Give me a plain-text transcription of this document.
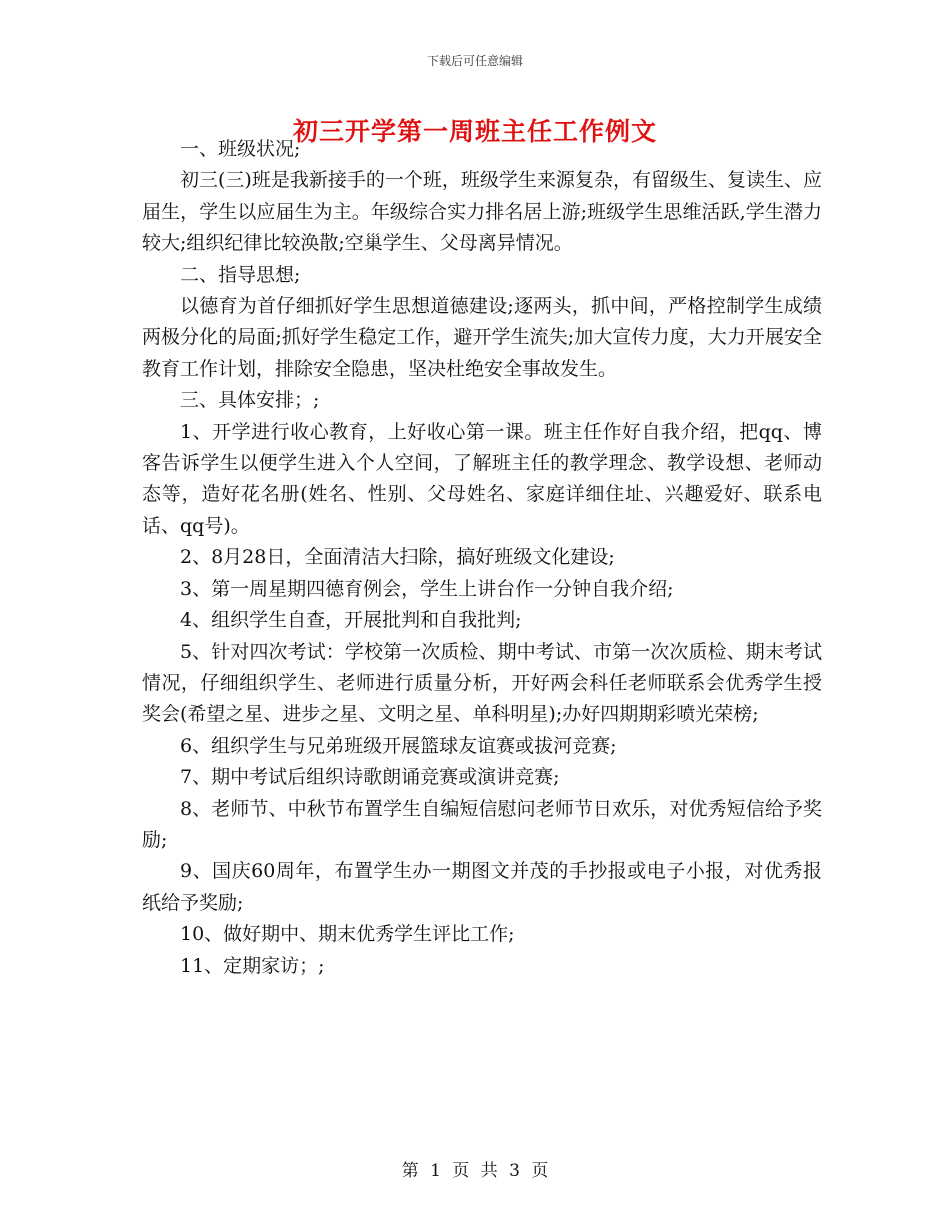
下载后可任意编辑
初三开学第一周班主任工作例文

一、班级状况;

初三(三)班是我新接手的一个班，班级学生来源复杂，有留级生、复读生、应届生，学生以应届生为主。年级综合实力排名居上游;班级学生思维活跃,学生潜力较大;组织纪律比较涣散;空巢学生、父母离异情况。

二、指导思想;

以德育为首仔细抓好学生思想道德建设;逐两头，抓中间，严格控制学生成绩两极分化的局面;抓好学生稳定工作，避开学生流失;加大宣传力度，大力开展安全教育工作计划，排除安全隐患，坚决杜绝安全事故发生。

三、具体安排；;

1、开学进行收心教育，上好收心第一课。班主任作好自我介绍，把qq、博客告诉学生以便学生进入个人空间，了解班主任的教学理念、教学设想、老师动态等，造好花名册(姓名、性别、父母姓名、家庭详细住址、兴趣爱好、联系电话、qq号)。

2、8月28日，全面清洁大扫除，搞好班级文化建设;

3、第一周星期四德育例会，学生上讲台作一分钟自我介绍;

4、组织学生自查，开展批判和自我批判;

5、针对四次考试：学校第一次质检、期中考试、市第一次次质检、期末考试情况，仔细组织学生、老师进行质量分析，开好两会科任老师联系会优秀学生授奖会(希望之星、进步之星、文明之星、单科明星);办好四期期彩喷光荣榜;

6、组织学生与兄弟班级开展篮球友谊赛或拔河竞赛;

7、期中考试后组织诗歌朗诵竞赛或演讲竞赛;

8、老师节、中秋节布置学生自编短信慰问老师节日欢乐，对优秀短信给予奖励;

9、国庆60周年，布置学生办一期图文并茂的手抄报或电子小报，对优秀报纸给予奖励;

10、做好期中、期末优秀学生评比工作;

11、定期家访；;

第 1 页 共 3 页
